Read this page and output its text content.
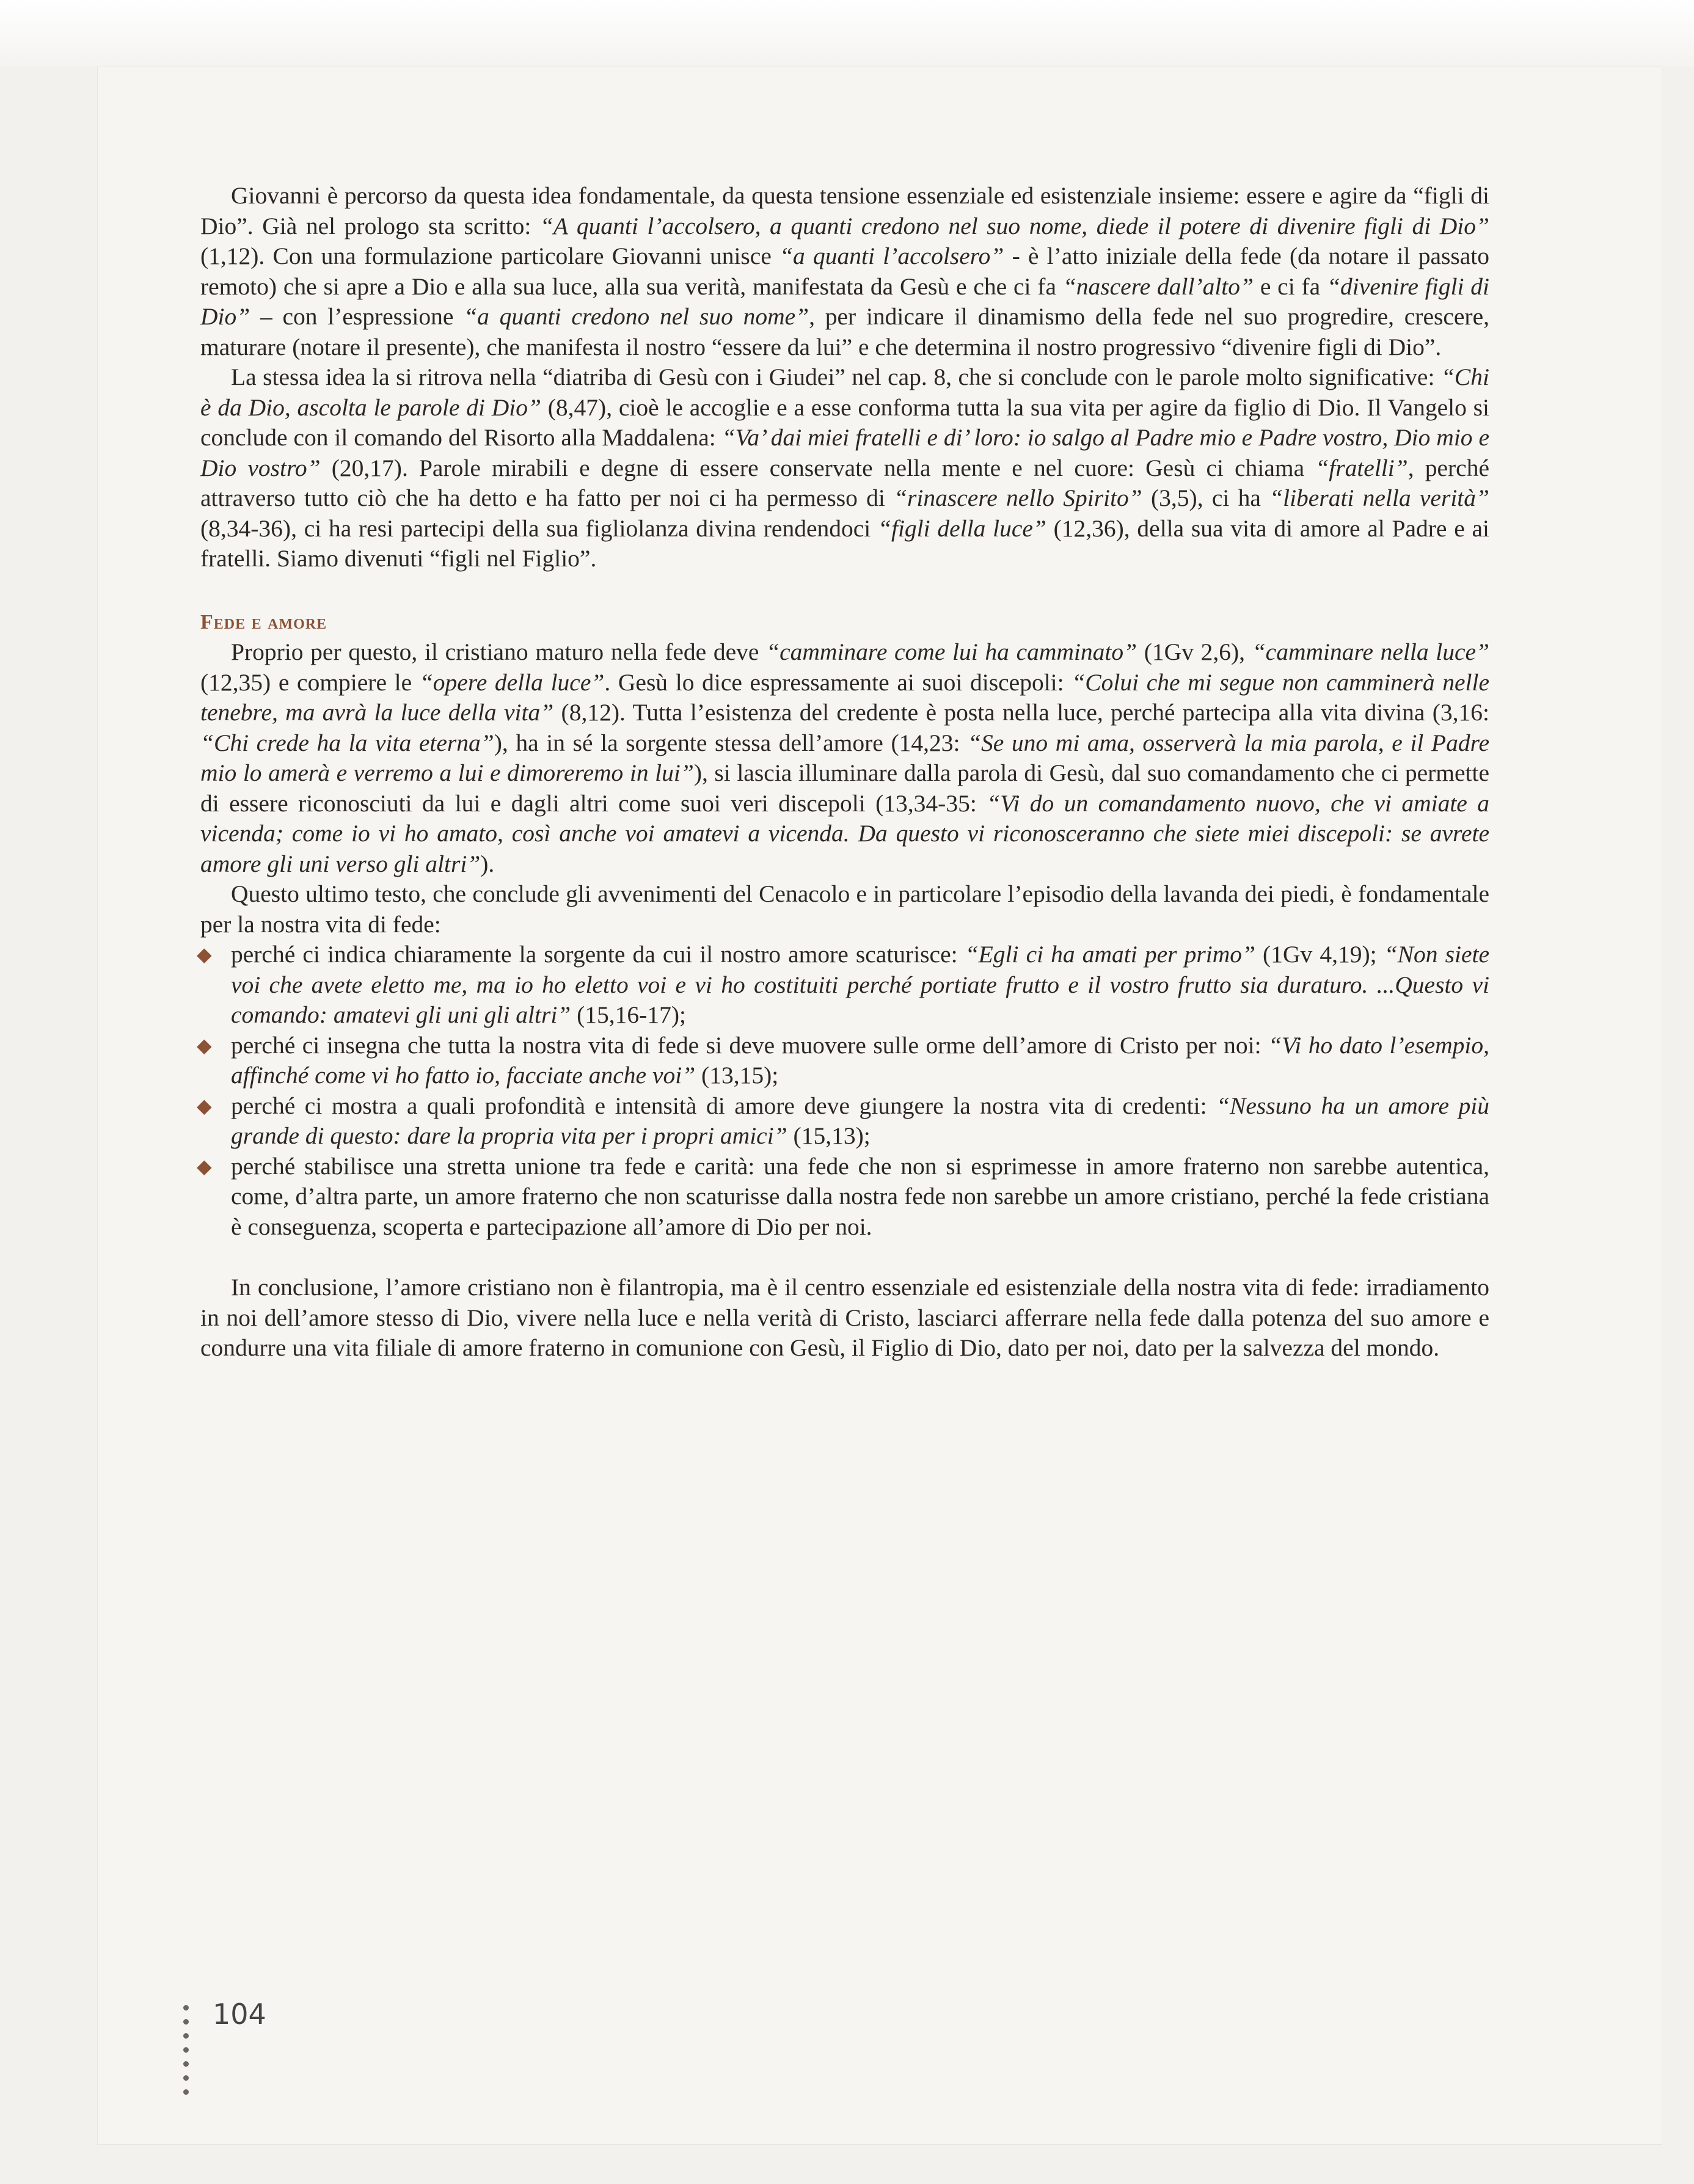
Giovanni è percorso da questa idea fondamentale, da questa tensione essenziale ed esistenziale insieme: essere e agire da “figli di Dio”. Già nel prologo sta scritto: “A quanti l’accolsero, a quanti credono nel suo nome, diede il potere di divenire figli di Dio” (1,12). Con una formulazione particolare Giovanni unisce “a quanti l’accolsero” - è l’atto iniziale della fede (da notare il passato remoto) che si apre a Dio e alla sua luce, alla sua verità, manifestata da Gesù e che ci fa “nascere dall’alto” e ci fa “divenire figli di Dio” – con l’espressione “a quanti credono nel suo nome”, per indicare il dinamismo della fede nel suo progredire, crescere, maturare (notare il presente), che manifesta il nostro “essere da lui” e che determina il nostro progressivo “divenire figli di Dio”.

La stessa idea la si ritrova nella “diatriba di Gesù con i Giudei” nel cap. 8, che si conclude con le parole molto significative: “Chi è da Dio, ascolta le parole di Dio” (8,47), cioè le accoglie e a esse conforma tutta la sua vita per agire da figlio di Dio. Il Vangelo si conclude con il comando del Risorto alla Maddalena: “Va’ dai miei fratelli e di’ loro: io salgo al Padre mio e Padre vostro, Dio mio e Dio vostro” (20,17). Parole mirabili e degne di essere conservate nella mente e nel cuore: Gesù ci chiama “fratelli”, perché attraverso tutto ciò che ha detto e ha fatto per noi ci ha permesso di “rinascere nello Spirito” (3,5), ci ha “liberati nella verità” (8,34-36), ci ha resi partecipi della sua figliolanza divina rendendoci “figli della luce” (12,36), della sua vita di amore al Padre e ai fratelli. Siamo divenuti “figli nel Figlio”.

Fede e amore

Proprio per questo, il cristiano maturo nella fede deve “camminare come lui ha camminato” (1Gv 2,6), “camminare nella luce” (12,35) e compiere le “opere della luce”. Gesù lo dice espressamente ai suoi discepoli: “Colui che mi segue non camminerà nelle tenebre, ma avrà la luce della vita” (8,12). Tutta l’esistenza del credente è posta nella luce, perché partecipa alla vita divina (3,16: “Chi crede ha la vita eterna”), ha in sé la sorgente stessa dell’amore (14,23: “Se uno mi ama, osserverà la mia parola, e il Padre mio lo amerà e verremo a lui e dimoreremo in lui”), si lascia illuminare dalla parola di Gesù, dal suo comandamento che ci permette di essere riconosciuti da lui e dagli altri come suoi veri discepoli (13,34-35: “Vi do un comandamento nuovo, che vi amiate a vicenda; come io vi ho amato, così anche voi amatevi a vicenda. Da questo vi riconosceranno che siete miei discepoli: se avrete amore gli uni verso gli altri”).

Questo ultimo testo, che conclude gli avvenimenti del Cenacolo e in particolare l’episodio della lavanda dei piedi, è fondamentale per la nostra vita di fede:

◆ perché ci indica chiaramente la sorgente da cui il nostro amore scaturisce: “Egli ci ha amati per primo” (1Gv 4,19); “Non siete voi che avete eletto me, ma io ho eletto voi e vi ho costituiti perché portiate frutto e il vostro frutto sia duraturo. ...Questo vi comando: amatevi gli uni gli altri” (15,16-17);
◆ perché ci insegna che tutta la nostra vita di fede si deve muovere sulle orme dell’amore di Cristo per noi: “Vi ho dato l’esempio, affinché come vi ho fatto io, facciate anche voi” (13,15);
◆ perché ci mostra a quali profondità e intensità di amore deve giungere la nostra vita di credenti: “Nessuno ha un amore più grande di questo: dare la propria vita per i propri amici” (15,13);
◆ perché stabilisce una stretta unione tra fede e carità: una fede che non si esprimesse in amore fraterno non sarebbe autentica, come, d’altra parte, un amore fraterno che non scaturisse dalla nostra fede non sarebbe un amore cristiano, perché la fede cristiana è conseguenza, scoperta e partecipazione all’amore di Dio per noi.

In conclusione, l’amore cristiano non è filantropia, ma è il centro essenziale ed esistenziale della nostra vita di fede: irradiamento in noi dell’amore stesso di Dio, vivere nella luce e nella verità di Cristo, lasciarci afferrare nella fede dalla potenza del suo amore e condurre una vita filiale di amore fraterno in comunione con Gesù, il Figlio di Dio, dato per noi, dato per la salvezza del mondo.

104
